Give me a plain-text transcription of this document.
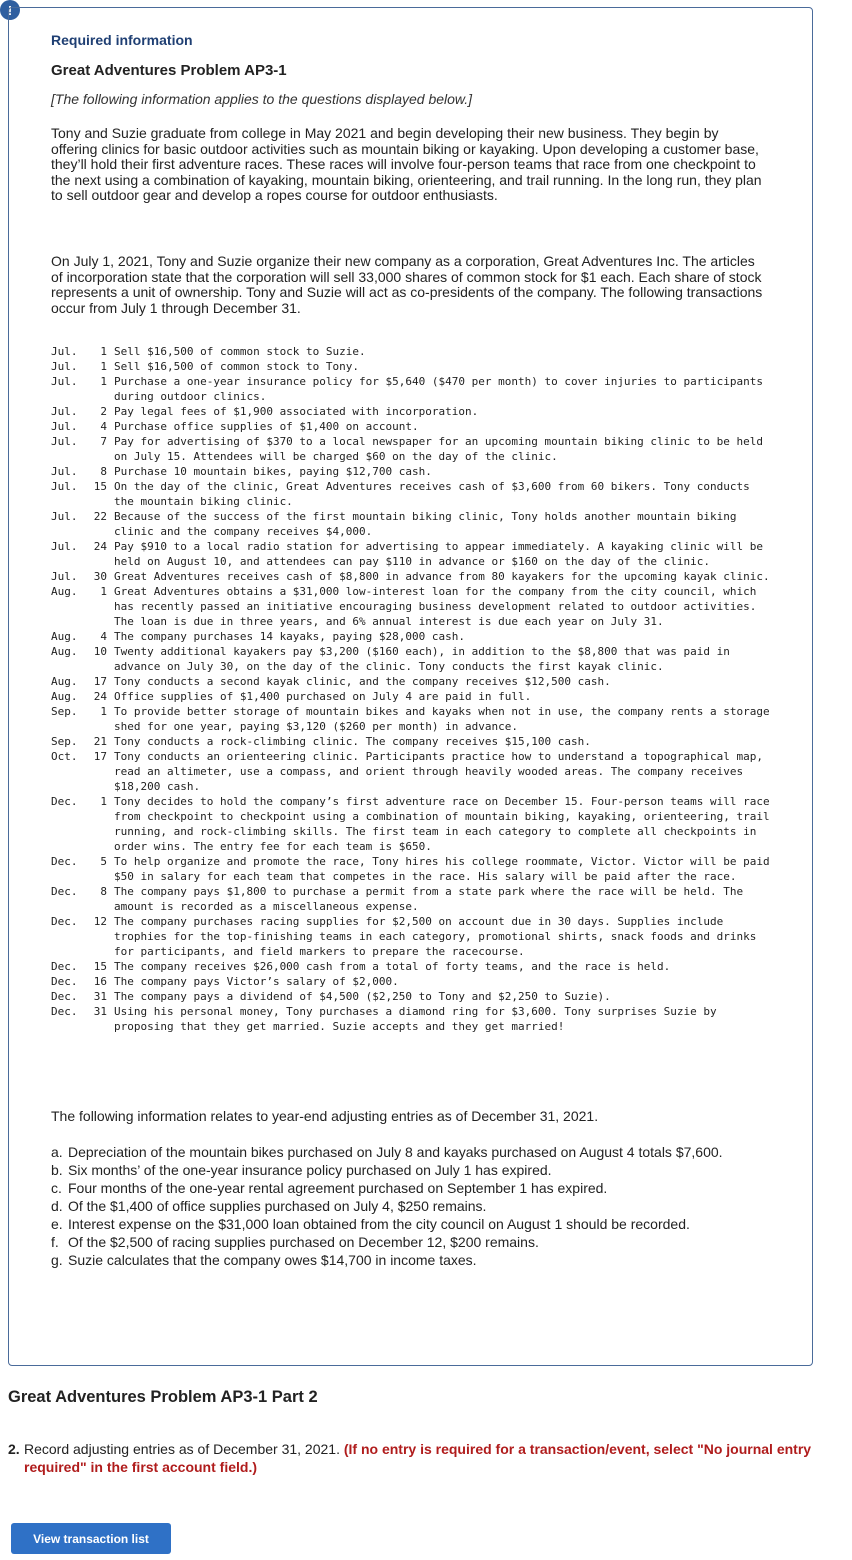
!
Required information
Great Adventures Problem AP3-1
[The following information applies to the questions displayed below.]

Tony and Suzie graduate from college in May 2021 and begin developing their new business. They begin by offering clinics for basic outdoor activities such as mountain biking or kayaking. Upon developing a customer base, they’ll hold their first adventure races. These races will involve four-person teams that race from one checkpoint to the next using a combination of kayaking, mountain biking, orienteering, and trail running. In the long run, they plan to sell outdoor gear and develop a ropes course for outdoor enthusiasts.

On July 1, 2021, Tony and Suzie organize their new company as a corporation, Great Adventures Inc. The articles of incorporation state that the corporation will sell 33,000 shares of common stock for $1 each. Each share of stock represents a unit of ownership. Tony and Suzie will act as co-presidents of the company. The following transactions occur from July 1 through December 31.

Jul.	1 Sell $16,500 of common stock to Suzie.
Jul.	1 Sell $16,500 of common stock to Tony.
Jul.	1 Purchase a one-year insurance policy for $5,640 ($470 per month) to cover injuries to participants during outdoor clinics.
Jul.	2 Pay legal fees of $1,900 associated with incorporation.
Jul.	4 Purchase office supplies of $1,400 on account.
Jul.	7 Pay for advertising of $370 to a local newspaper for an upcoming mountain biking clinic to be held on July 15. Attendees will be charged $60 on the day of the clinic.
Jul.	8 Purchase 10 mountain bikes, paying $12,700 cash.
Jul.	15 On the day of the clinic, Great Adventures receives cash of $3,600 from 60 bikers. Tony conducts the mountain biking clinic.
Jul.	22 Because of the success of the first mountain biking clinic, Tony holds another mountain biking clinic and the company receives $4,000.
Jul.	24 Pay $910 to a local radio station for advertising to appear immediately. A kayaking clinic will be held on August 10, and attendees can pay $110 in advance or $160 on the day of the clinic.
Jul.	30 Great Adventures receives cash of $8,800 in advance from 80 kayakers for the upcoming kayak clinic.
Aug.	1 Great Adventures obtains a $31,000 low-interest loan for the company from the city council, which has recently passed an initiative encouraging business development related to outdoor activities. The loan is due in three years, and 6% annual interest is due each year on July 31.
Aug.	4 The company purchases 14 kayaks, paying $28,000 cash.
Aug.	10 Twenty additional kayakers pay $3,200 ($160 each), in addition to the $8,800 that was paid in advance on July 30, on the day of the clinic. Tony conducts the first kayak clinic.
Aug.	17 Tony conducts a second kayak clinic, and the company receives $12,500 cash.
Aug.	24 Office supplies of $1,400 purchased on July 4 are paid in full.
Sep.	1 To provide better storage of mountain bikes and kayaks when not in use, the company rents a storage shed for one year, paying $3,120 ($260 per month) in advance.
Sep.	21 Tony conducts a rock-climbing clinic. The company receives $15,100 cash.
Oct.	17 Tony conducts an orienteering clinic. Participants practice how to understand a topographical map, read an altimeter, use a compass, and orient through heavily wooded areas. The company receives $18,200 cash.
Dec.	1 Tony decides to hold the company’s first adventure race on December 15. Four-person teams will race from checkpoint to checkpoint using a combination of mountain biking, kayaking, orienteering, trail running, and rock-climbing skills. The first team in each category to complete all checkpoints in order wins. The entry fee for each team is $650.
Dec.	5 To help organize and promote the race, Tony hires his college roommate, Victor. Victor will be paid $50 in salary for each team that competes in the race. His salary will be paid after the race.
Dec.	8 The company pays $1,800 to purchase a permit from a state park where the race will be held. The amount is recorded as a miscellaneous expense.
Dec.	12 The company purchases racing supplies for $2,500 on account due in 30 days. Supplies include trophies for the top-finishing teams in each category, promotional shirts, snack foods and drinks for participants, and field markers to prepare the racecourse.
Dec.	15 The company receives $26,000 cash from a total of forty teams, and the race is held.
Dec.	16 The company pays Victor’s salary of $2,000.
Dec.	31 The company pays a dividend of $4,500 ($2,250 to Tony and $2,250 to Suzie).
Dec.	31 Using his personal money, Tony purchases a diamond ring for $3,600. Tony surprises Suzie by proposing that they get married. Suzie accepts and they get married!
The following information relates to year-end adjusting entries as of December 31, 2021.
a. Depreciation of the mountain bikes purchased on July 8 and kayaks purchased on August 4 totals $7,600.
b. Six months’ of the one-year insurance policy purchased on July 1 has expired.
c. Four months of the one-year rental agreement purchased on September 1 has expired.
d. Of the $1,400 of office supplies purchased on July 4, $250 remains.
e. Interest expense on the $31,000 loan obtained from the city council on August 1 should be recorded.
f. Of the $2,500 of racing supplies purchased on December 12, $200 remains.
g. Suzie calculates that the company owes $14,700 in income taxes.
Great Adventures Problem AP3-1 Part 2
2. Record adjusting entries as of December 31, 2021. (If no entry is required for a transaction/event, select "No journal entry required" in the first account field.)
View transaction list
